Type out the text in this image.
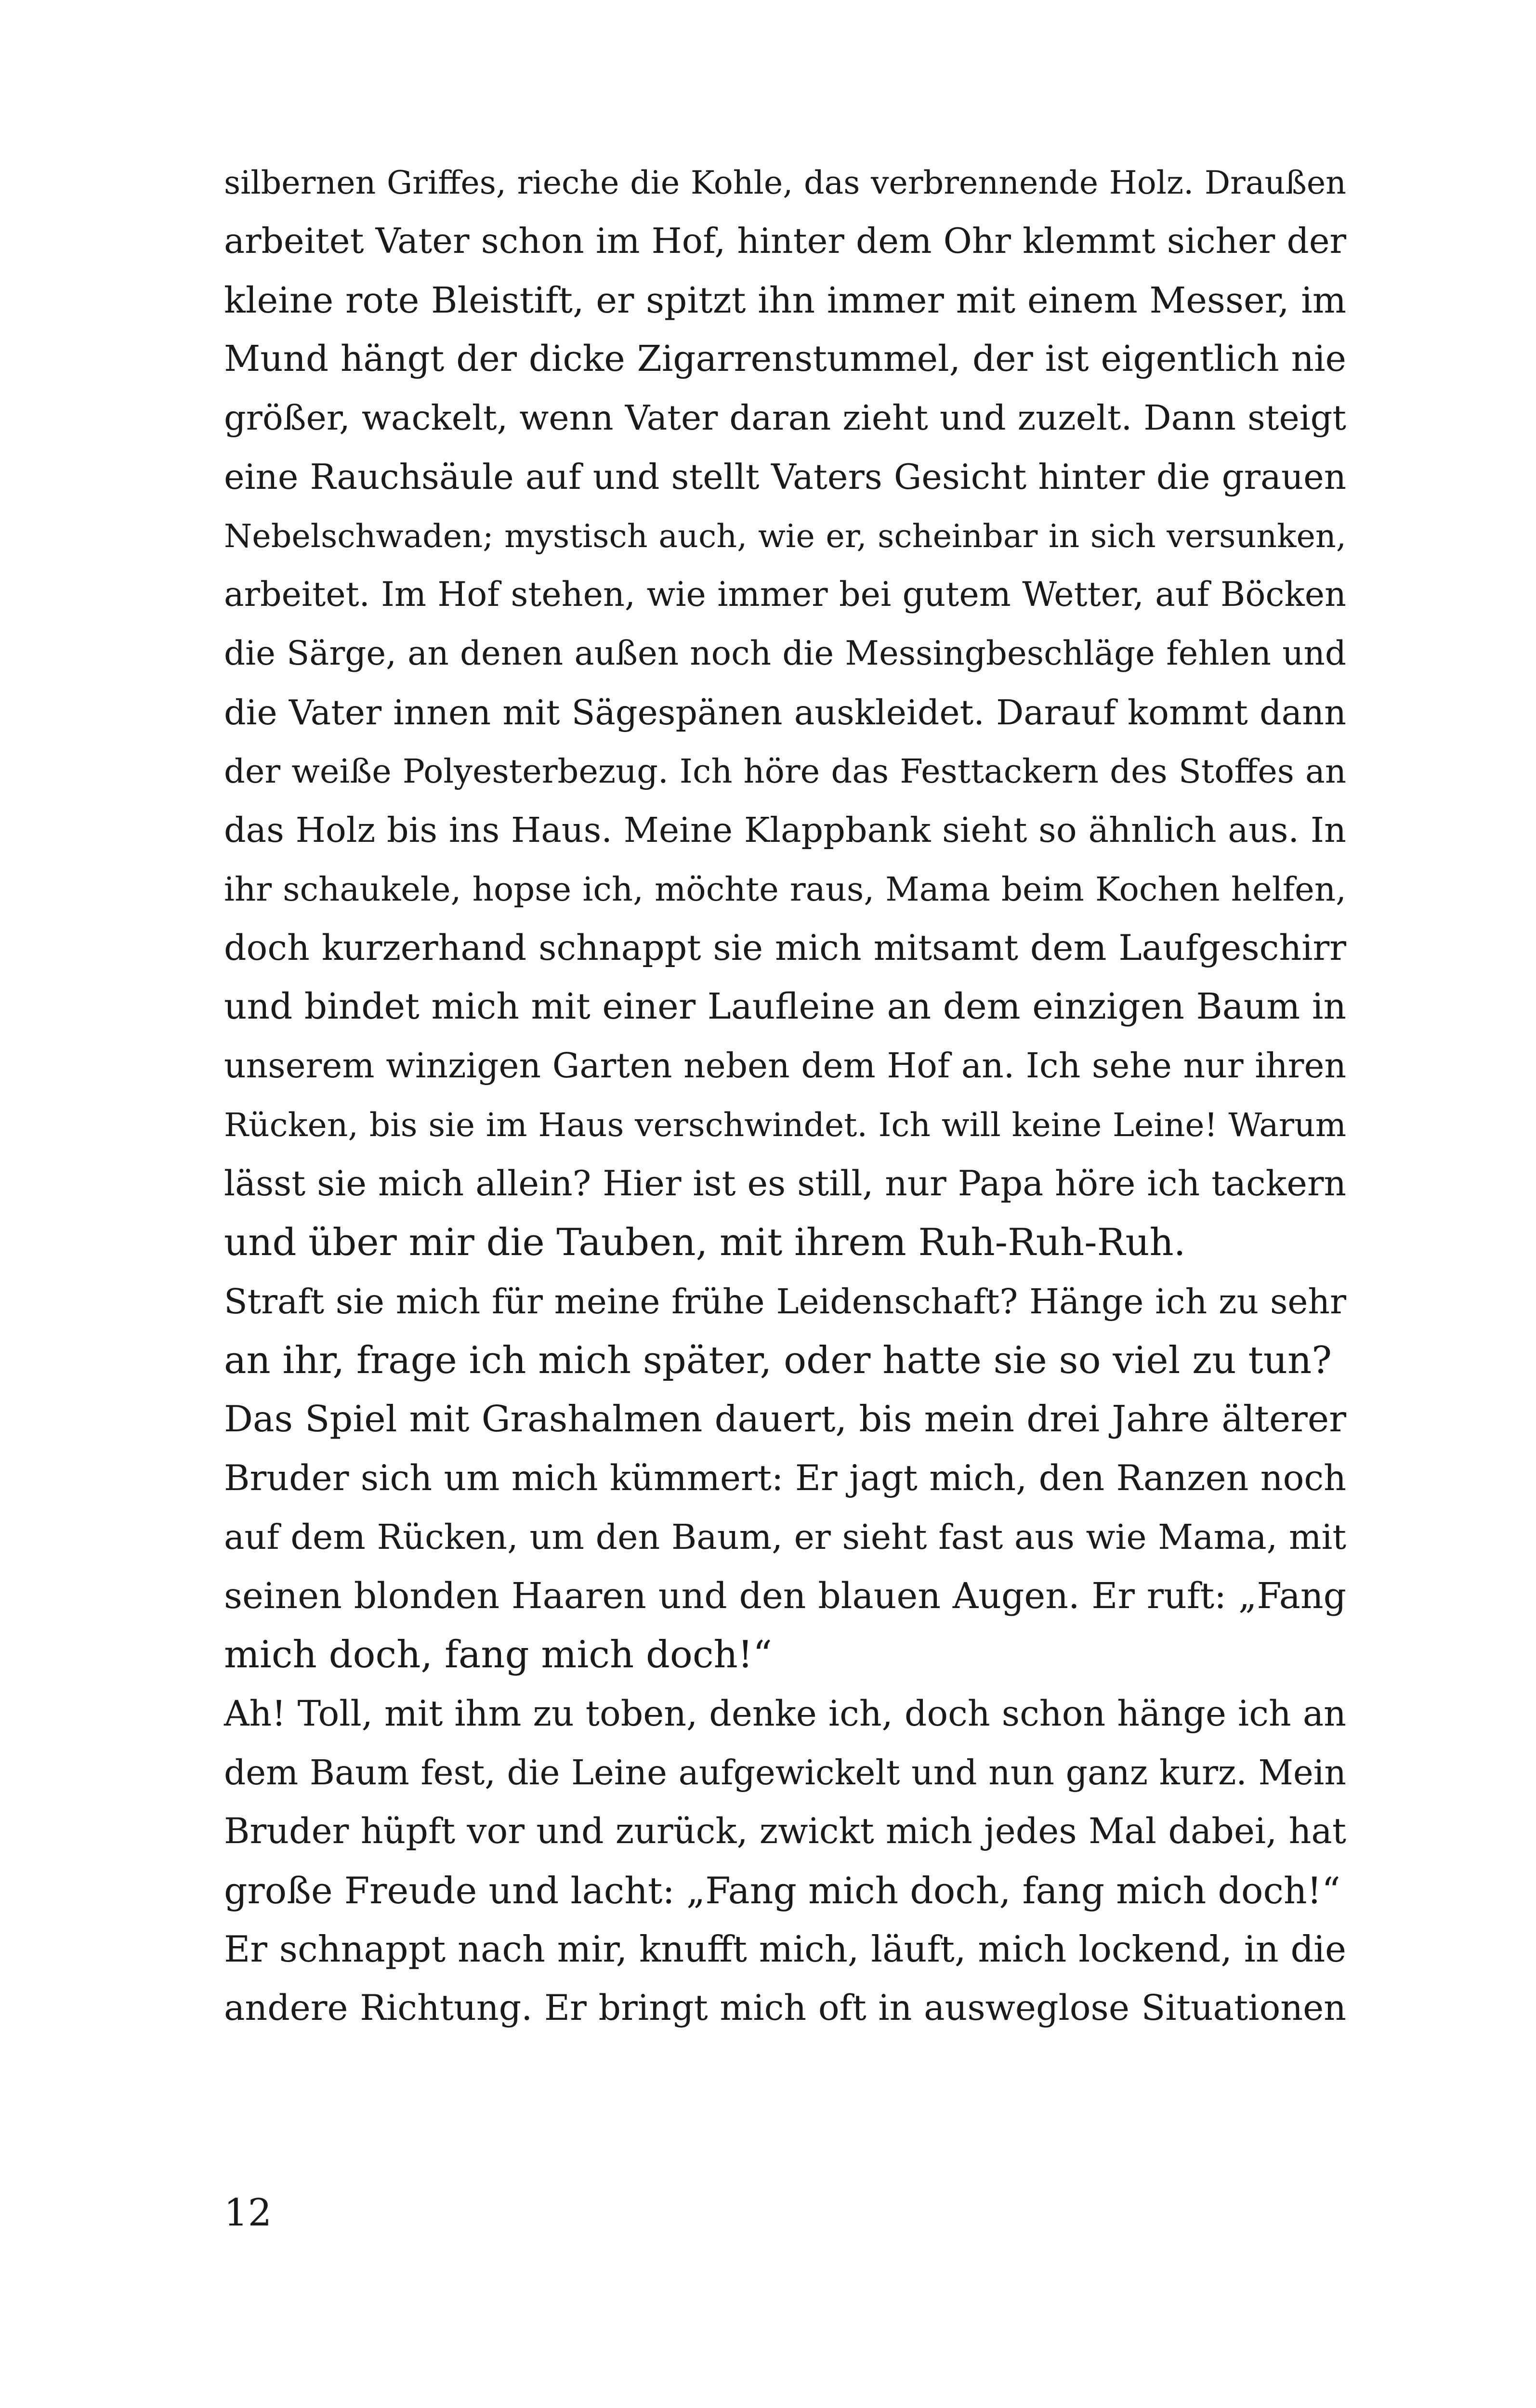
silbernen Griffes, rieche die Kohle, das verbrennende Holz. Draußen
arbeitet Vater schon im Hof, hinter dem Ohr klemmt sicher der
kleine rote Bleistift, er spitzt ihn immer mit einem Messer, im
Mund hängt der dicke Zigarrenstummel, der ist eigentlich nie
größer, wackelt, wenn Vater daran zieht und zuzelt. Dann steigt
eine Rauchsäule auf und stellt Vaters Gesicht hinter die grauen
Nebelschwaden; mystisch auch, wie er, scheinbar in sich versunken,
arbeitet. Im Hof stehen, wie immer bei gutem Wetter, auf Böcken
die Särge, an denen außen noch die Messingbeschläge fehlen und
die Vater innen mit Sägespänen auskleidet. Darauf kommt dann
der weiße Polyesterbezug. Ich höre das Festtackern des Stoffes an
das Holz bis ins Haus. Meine Klappbank sieht so ähnlich aus. In
ihr schaukele, hopse ich, möchte raus, Mama beim Kochen helfen,
doch kurzerhand schnappt sie mich mitsamt dem Laufgeschirr
und bindet mich mit einer Laufleine an dem einzigen Baum in
unserem winzigen Garten neben dem Hof an. Ich sehe nur ihren
Rücken, bis sie im Haus verschwindet. Ich will keine Leine! Warum
lässt sie mich allein? Hier ist es still, nur Papa höre ich tackern
und über mir die Tauben, mit ihrem Ruh-Ruh-Ruh.
Straft sie mich für meine frühe Leidenschaft? Hänge ich zu sehr
an ihr, frage ich mich später, oder hatte sie so viel zu tun?
Das Spiel mit Grashalmen dauert, bis mein drei Jahre älterer
Bruder sich um mich kümmert: Er jagt mich, den Ranzen noch
auf dem Rücken, um den Baum, er sieht fast aus wie Mama, mit
seinen blonden Haaren und den blauen Augen. Er ruft: „Fang
mich doch, fang mich doch!“
Ah! Toll, mit ihm zu toben, denke ich, doch schon hänge ich an
dem Baum fest, die Leine aufgewickelt und nun ganz kurz. Mein
Bruder hüpft vor und zurück, zwickt mich jedes Mal dabei, hat
große Freude und lacht: „Fang mich doch, fang mich doch!“
Er schnappt nach mir, knufft mich, läuft, mich lockend, in die
andere Richtung. Er bringt mich oft in ausweglose Situationen
12
